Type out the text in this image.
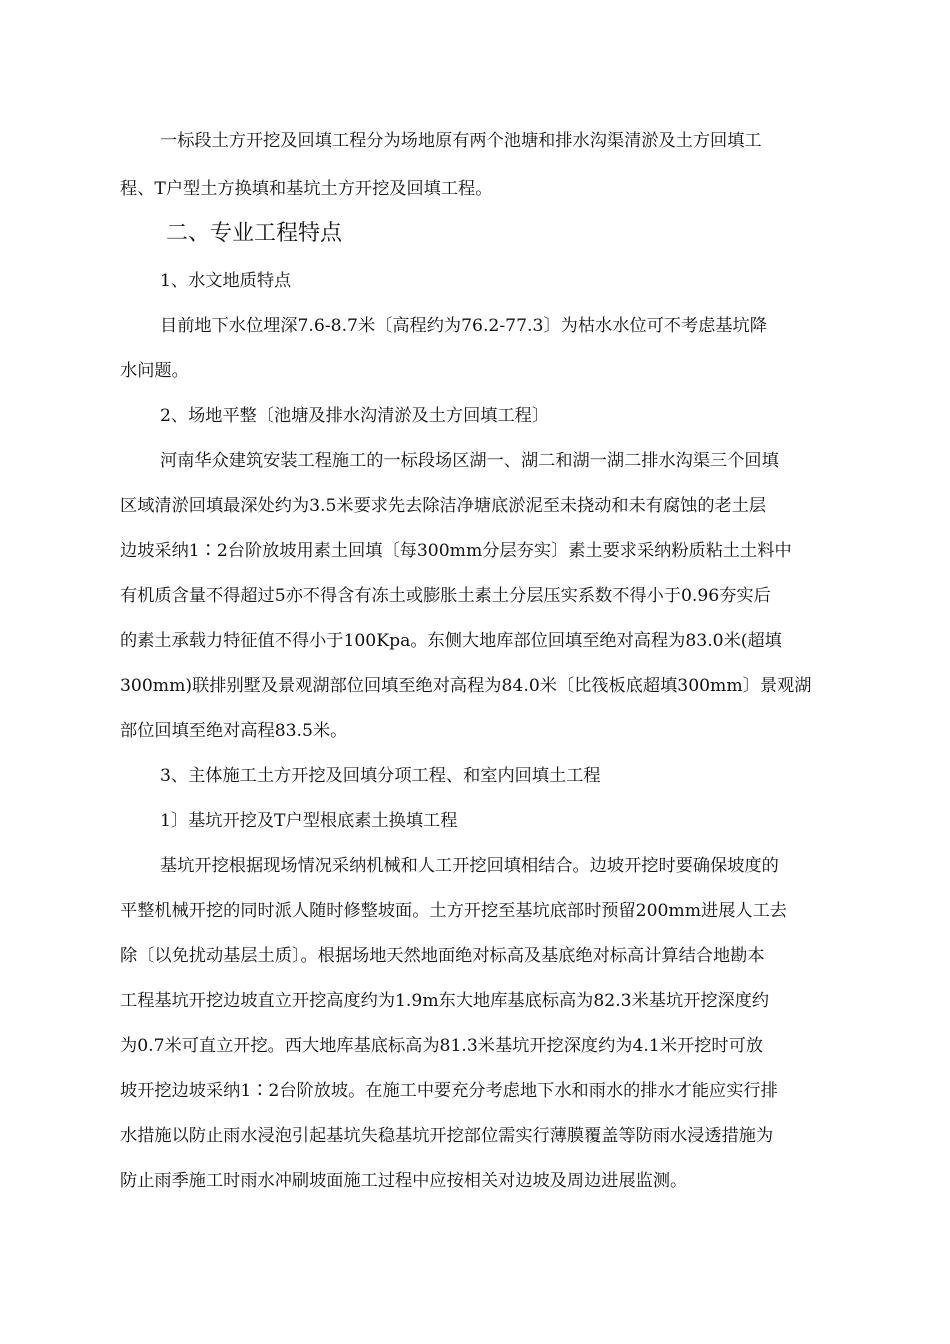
一标段土方开挖及回填工程分为场地原有两个池塘和排水沟渠清淤及土方回填工

程、T户型土方换填和基坑土方开挖及回填工程。

二、专业工程特点

1、水文地质特点

目前地下水位埋深7.6-8.7米〔高程约为76.2-77.3〕为枯水水位可不考虑基坑降

水问题。

2、场地平整〔池塘及排水沟清淤及土方回填工程〕

河南华众建筑安装工程施工的一标段场区湖一、湖二和湖一湖二排水沟渠三个回填

区域清淤回填最深处约为3.5米要求先去除洁净塘底淤泥至未挠动和未有腐蚀的老土层

边坡采纳1∶2台阶放坡用素土回填〔每300mm分层夯实〕素土要求采纳粉质粘土土料中

有机质含量不得超过5亦不得含有冻土或膨胀土素土分层压实系数不得小于0.96夯实后

的素土承载力特征值不得小于100Kpa。东侧大地库部位回填至绝对高程为83.0米(超填

300mm)联排别墅及景观湖部位回填至绝对高程为84.0米〔比筏板底超填300mm〕景观湖

部位回填至绝对高程83.5米。

3、主体施工土方开挖及回填分项工程、和室内回填土工程

1〕基坑开挖及T户型根底素土换填工程

基坑开挖根据现场情况采纳机械和人工开挖回填相结合。边坡开挖时要确保坡度的

平整机械开挖的同时派人随时修整坡面。土方开挖至基坑底部时预留200mm进展人工去

除〔以免扰动基层土质〕。根据场地天然地面绝对标高及基底绝对标高计算结合地勘本

工程基坑开挖边坡直立开挖高度约为1.9m东大地库基底标高为82.3米基坑开挖深度约

为0.7米可直立开挖。西大地库基底标高为81.3米基坑开挖深度约为4.1米开挖时可放

坡开挖边坡采纳1∶2台阶放坡。在施工中要充分考虑地下水和雨水的排水才能应实行排

水措施以防止雨水浸泡引起基坑失稳基坑开挖部位需实行薄膜覆盖等防雨水浸透措施为

防止雨季施工时雨水冲刷坡面施工过程中应按相关对边坡及周边进展监测。
